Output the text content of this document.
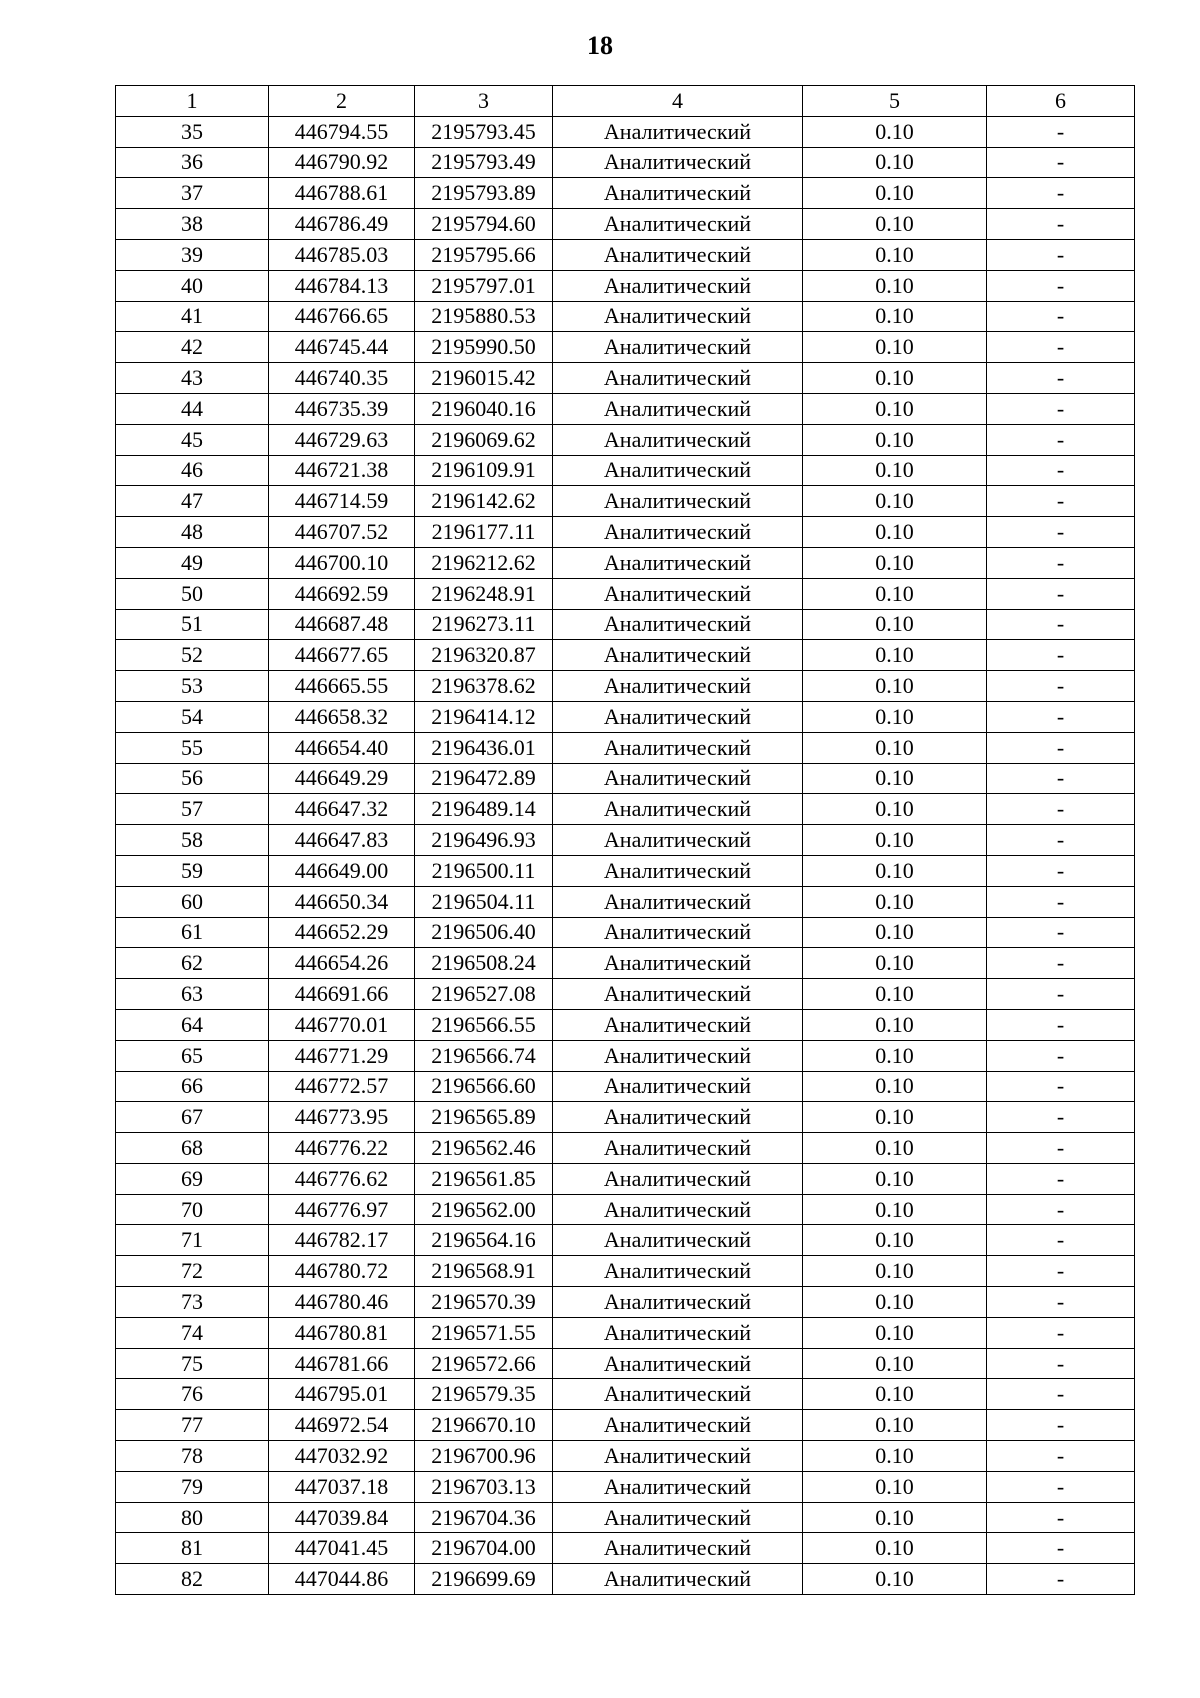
18
1	2	3	4	5	6
35	446794.55	2195793.45	Аналитический	0.10	-
36	446790.92	2195793.49	Аналитический	0.10	-
37	446788.61	2195793.89	Аналитический	0.10	-
38	446786.49	2195794.60	Аналитический	0.10	-
39	446785.03	2195795.66	Аналитический	0.10	-
40	446784.13	2195797.01	Аналитический	0.10	-
41	446766.65	2195880.53	Аналитический	0.10	-
42	446745.44	2195990.50	Аналитический	0.10	-
43	446740.35	2196015.42	Аналитический	0.10	-
44	446735.39	2196040.16	Аналитический	0.10	-
45	446729.63	2196069.62	Аналитический	0.10	-
46	446721.38	2196109.91	Аналитический	0.10	-
47	446714.59	2196142.62	Аналитический	0.10	-
48	446707.52	2196177.11	Аналитический	0.10	-
49	446700.10	2196212.62	Аналитический	0.10	-
50	446692.59	2196248.91	Аналитический	0.10	-
51	446687.48	2196273.11	Аналитический	0.10	-
52	446677.65	2196320.87	Аналитический	0.10	-
53	446665.55	2196378.62	Аналитический	0.10	-
54	446658.32	2196414.12	Аналитический	0.10	-
55	446654.40	2196436.01	Аналитический	0.10	-
56	446649.29	2196472.89	Аналитический	0.10	-
57	446647.32	2196489.14	Аналитический	0.10	-
58	446647.83	2196496.93	Аналитический	0.10	-
59	446649.00	2196500.11	Аналитический	0.10	-
60	446650.34	2196504.11	Аналитический	0.10	-
61	446652.29	2196506.40	Аналитический	0.10	-
62	446654.26	2196508.24	Аналитический	0.10	-
63	446691.66	2196527.08	Аналитический	0.10	-
64	446770.01	2196566.55	Аналитический	0.10	-
65	446771.29	2196566.74	Аналитический	0.10	-
66	446772.57	2196566.60	Аналитический	0.10	-
67	446773.95	2196565.89	Аналитический	0.10	-
68	446776.22	2196562.46	Аналитический	0.10	-
69	446776.62	2196561.85	Аналитический	0.10	-
70	446776.97	2196562.00	Аналитический	0.10	-
71	446782.17	2196564.16	Аналитический	0.10	-
72	446780.72	2196568.91	Аналитический	0.10	-
73	446780.46	2196570.39	Аналитический	0.10	-
74	446780.81	2196571.55	Аналитический	0.10	-
75	446781.66	2196572.66	Аналитический	0.10	-
76	446795.01	2196579.35	Аналитический	0.10	-
77	446972.54	2196670.10	Аналитический	0.10	-
78	447032.92	2196700.96	Аналитический	0.10	-
79	447037.18	2196703.13	Аналитический	0.10	-
80	447039.84	2196704.36	Аналитический	0.10	-
81	447041.45	2196704.00	Аналитический	0.10	-
82	447044.86	2196699.69	Аналитический	0.10	-
